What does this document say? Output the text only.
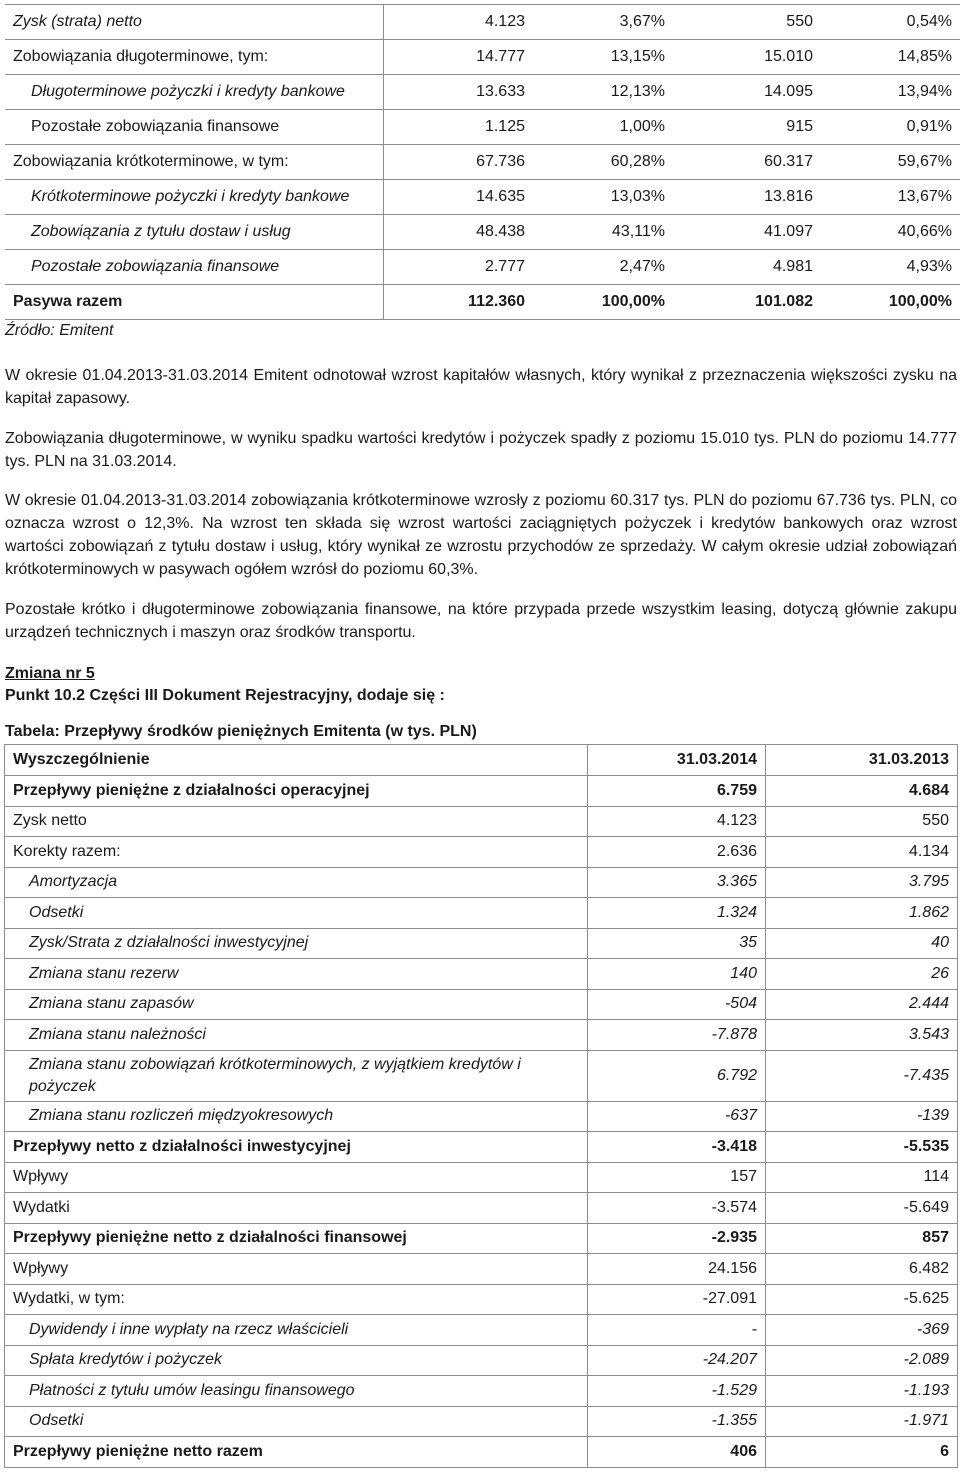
Zysk (strata) netto	4.123	3,67%	550	0,54%
Zobowiązania długoterminowe, tym:	14.777	13,15%	15.010	14,85%
Długoterminowe pożyczki i kredyty bankowe	13.633	12,13%	14.095	13,94%
Pozostałe zobowiązania finansowe	1.125	1,00%	915	0,91%
Zobowiązania krótkoterminowe, w tym:	67.736	60,28%	60.317	59,67%
Krótkoterminowe pożyczki i kredyty bankowe	14.635	13,03%	13.816	13,67%
Zobowiązania z tytułu dostaw i usług	48.438	43,11%	41.097	40,66%
Pozostałe zobowiązania finansowe	2.777	2,47%	4.981	4,93%
Pasywa razem	112.360	100,00%	101.082	100,00%
Źródło: Emitent
W okresie 01.04.2013-31.03.2014 Emitent odnotował wzrost kapitałów własnych, który wynikał z przeznaczenia większości zysku na kapitał zapasowy.
Zobowiązania długoterminowe, w wyniku spadku wartości kredytów i pożyczek spadły z poziomu 15.010 tys. PLN do poziomu 14.777 tys. PLN na 31.03.2014.
W okresie 01.04.2013-31.03.2014 zobowiązania krótkoterminowe wzrosły z poziomu 60.317 tys. PLN do poziomu 67.736 tys. PLN, co oznacza wzrost o 12,3%. Na wzrost ten składa się wzrost wartości zaciągniętych pożyczek i kredytów bankowych oraz wzrost wartości zobowiązań z tytułu dostaw i usług, który wynikał ze wzrostu przychodów ze sprzedaży. W całym okresie udział zobowiązań krótkoterminowych w pasywach ogółem wzrósł do poziomu 60,3%.
Pozostałe krótko i długoterminowe zobowiązania finansowe, na które przypada przede wszystkim leasing, dotyczą głównie zakupu urządzeń technicznych i maszyn oraz środków transportu.
Zmiana nr 5
Punkt 10.2 Części III Dokument Rejestracyjny, dodaje się :
Tabela: Przepływy środków pieniężnych Emitenta (w tys. PLN)
Wyszczególnienie	31.03.2014	31.03.2013
Przepływy pieniężne z działalności operacyjnej	6.759	4.684
Zysk netto	4.123	550
Korekty razem:	2.636	4.134
Amortyzacja	3.365	3.795
Odsetki	1.324	1.862
Zysk/Strata z działalności inwestycyjnej	35	40
Zmiana stanu rezerw	140	26
Zmiana stanu zapasów	-504	2.444
Zmiana stanu należności	-7.878	3.543
Zmiana stanu zobowiązań krótkoterminowych, z wyjątkiem kredytów i pożyczek	6.792	-7.435
Zmiana stanu rozliczeń międzyokresowych	-637	-139
Przepływy netto z działalności inwestycyjnej	-3.418	-5.535
Wpływy	157	114
Wydatki	-3.574	-5.649
Przepływy pieniężne netto z działalności finansowej	-2.935	857
Wpływy	24.156	6.482
Wydatki, w tym:	-27.091	-5.625
Dywidendy i inne wypłaty na rzecz właścicieli	-	-369
Spłata kredytów i pożyczek	-24.207	-2.089
Płatności z tytułu umów leasingu finansowego	-1.529	-1.193
Odsetki	-1.355	-1.971
Przepływy pieniężne netto razem	406	6
